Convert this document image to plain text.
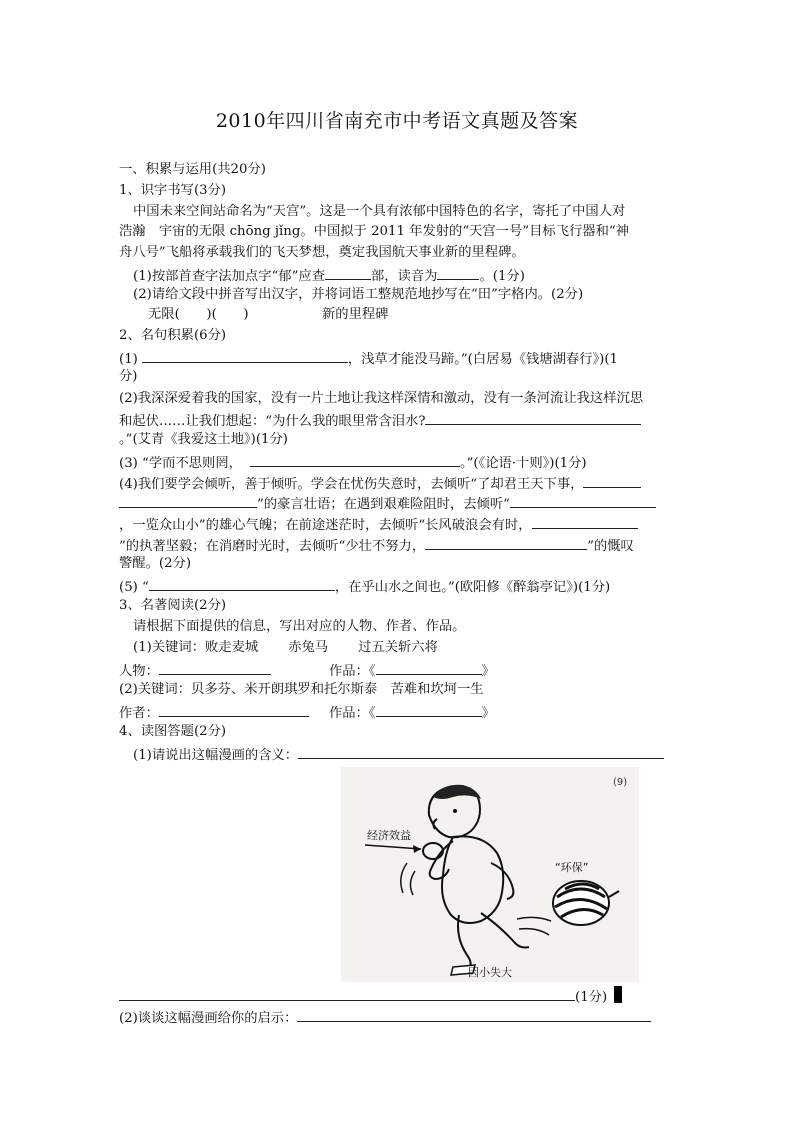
2010年四川省南充市中考语文真题及答案
一、积累与运用(共20分)
1、识字书写(3分)
中国未来空间站命名为“天宫”。这是一个具有浓郁中国特色的名字，寄托了中国人对
浩瀚　宇宙的无限 chōng jǐng。中国拟于 2011 年发射的“天宫一号”目标飞行器和“神
舟八号”飞船将承载我们的飞天梦想，奠定我国航天事业新的里程碑。
(1)按部首查字法加点字“郁”应查	部，读音为	。(1分)
(2)请给文段中拼音写出汉字，并将词语工整规范地抄写在“田”字格内。(2分)
无限(　　)(　　)	新的里程碑
2、名句积累(6分)
(1)	，浅草才能没马蹄。”(白居易《钱塘湖春行》)(1
分)
(2)我深深爱着我的国家，没有一片土地让我这样深情和激动，没有一条河流让我这样沉思
和起伏……让我们想起：“为什么我的眼里常含泪水?
。”(艾青《我爱这土地》)(1分)
(3) “学而不思则罔，	。”(《论语·十则》)(1分)
(4)我们要学会倾听，善于倾听。学会在忧伤失意时，去倾听“了却君王天下事，
”的豪言壮语；在遇到艰难险阻时，去倾听“
，一览众山小”的雄心气魄；在前途迷茫时，去倾听“长风破浪会有时，
”的执著坚毅；在消磨时光时，去倾听“少壮不努力，	”的慨叹
警醒。(2分)
(5) “	，在乎山水之间也。”(欧阳修《醉翁亭记》)(1分)
3、名著阅读(2分)
请根据下面提供的信息，写出对应的人物、作者、作品。
(1)关键词：败走麦城 赤兔马 过五关斩六将
人物：	作品：《	》
(2)关键词：贝多芬、米开朗琪罗和托尔斯泰　苦难和坎坷一生
作者：	作品：《	》
4、读图答题(2分)
(1)请说出这幅漫画的含义：
(9)
经济效益
“环保”
因小失大
(1分)
(2)谈谈这幅漫画给你的启示：
